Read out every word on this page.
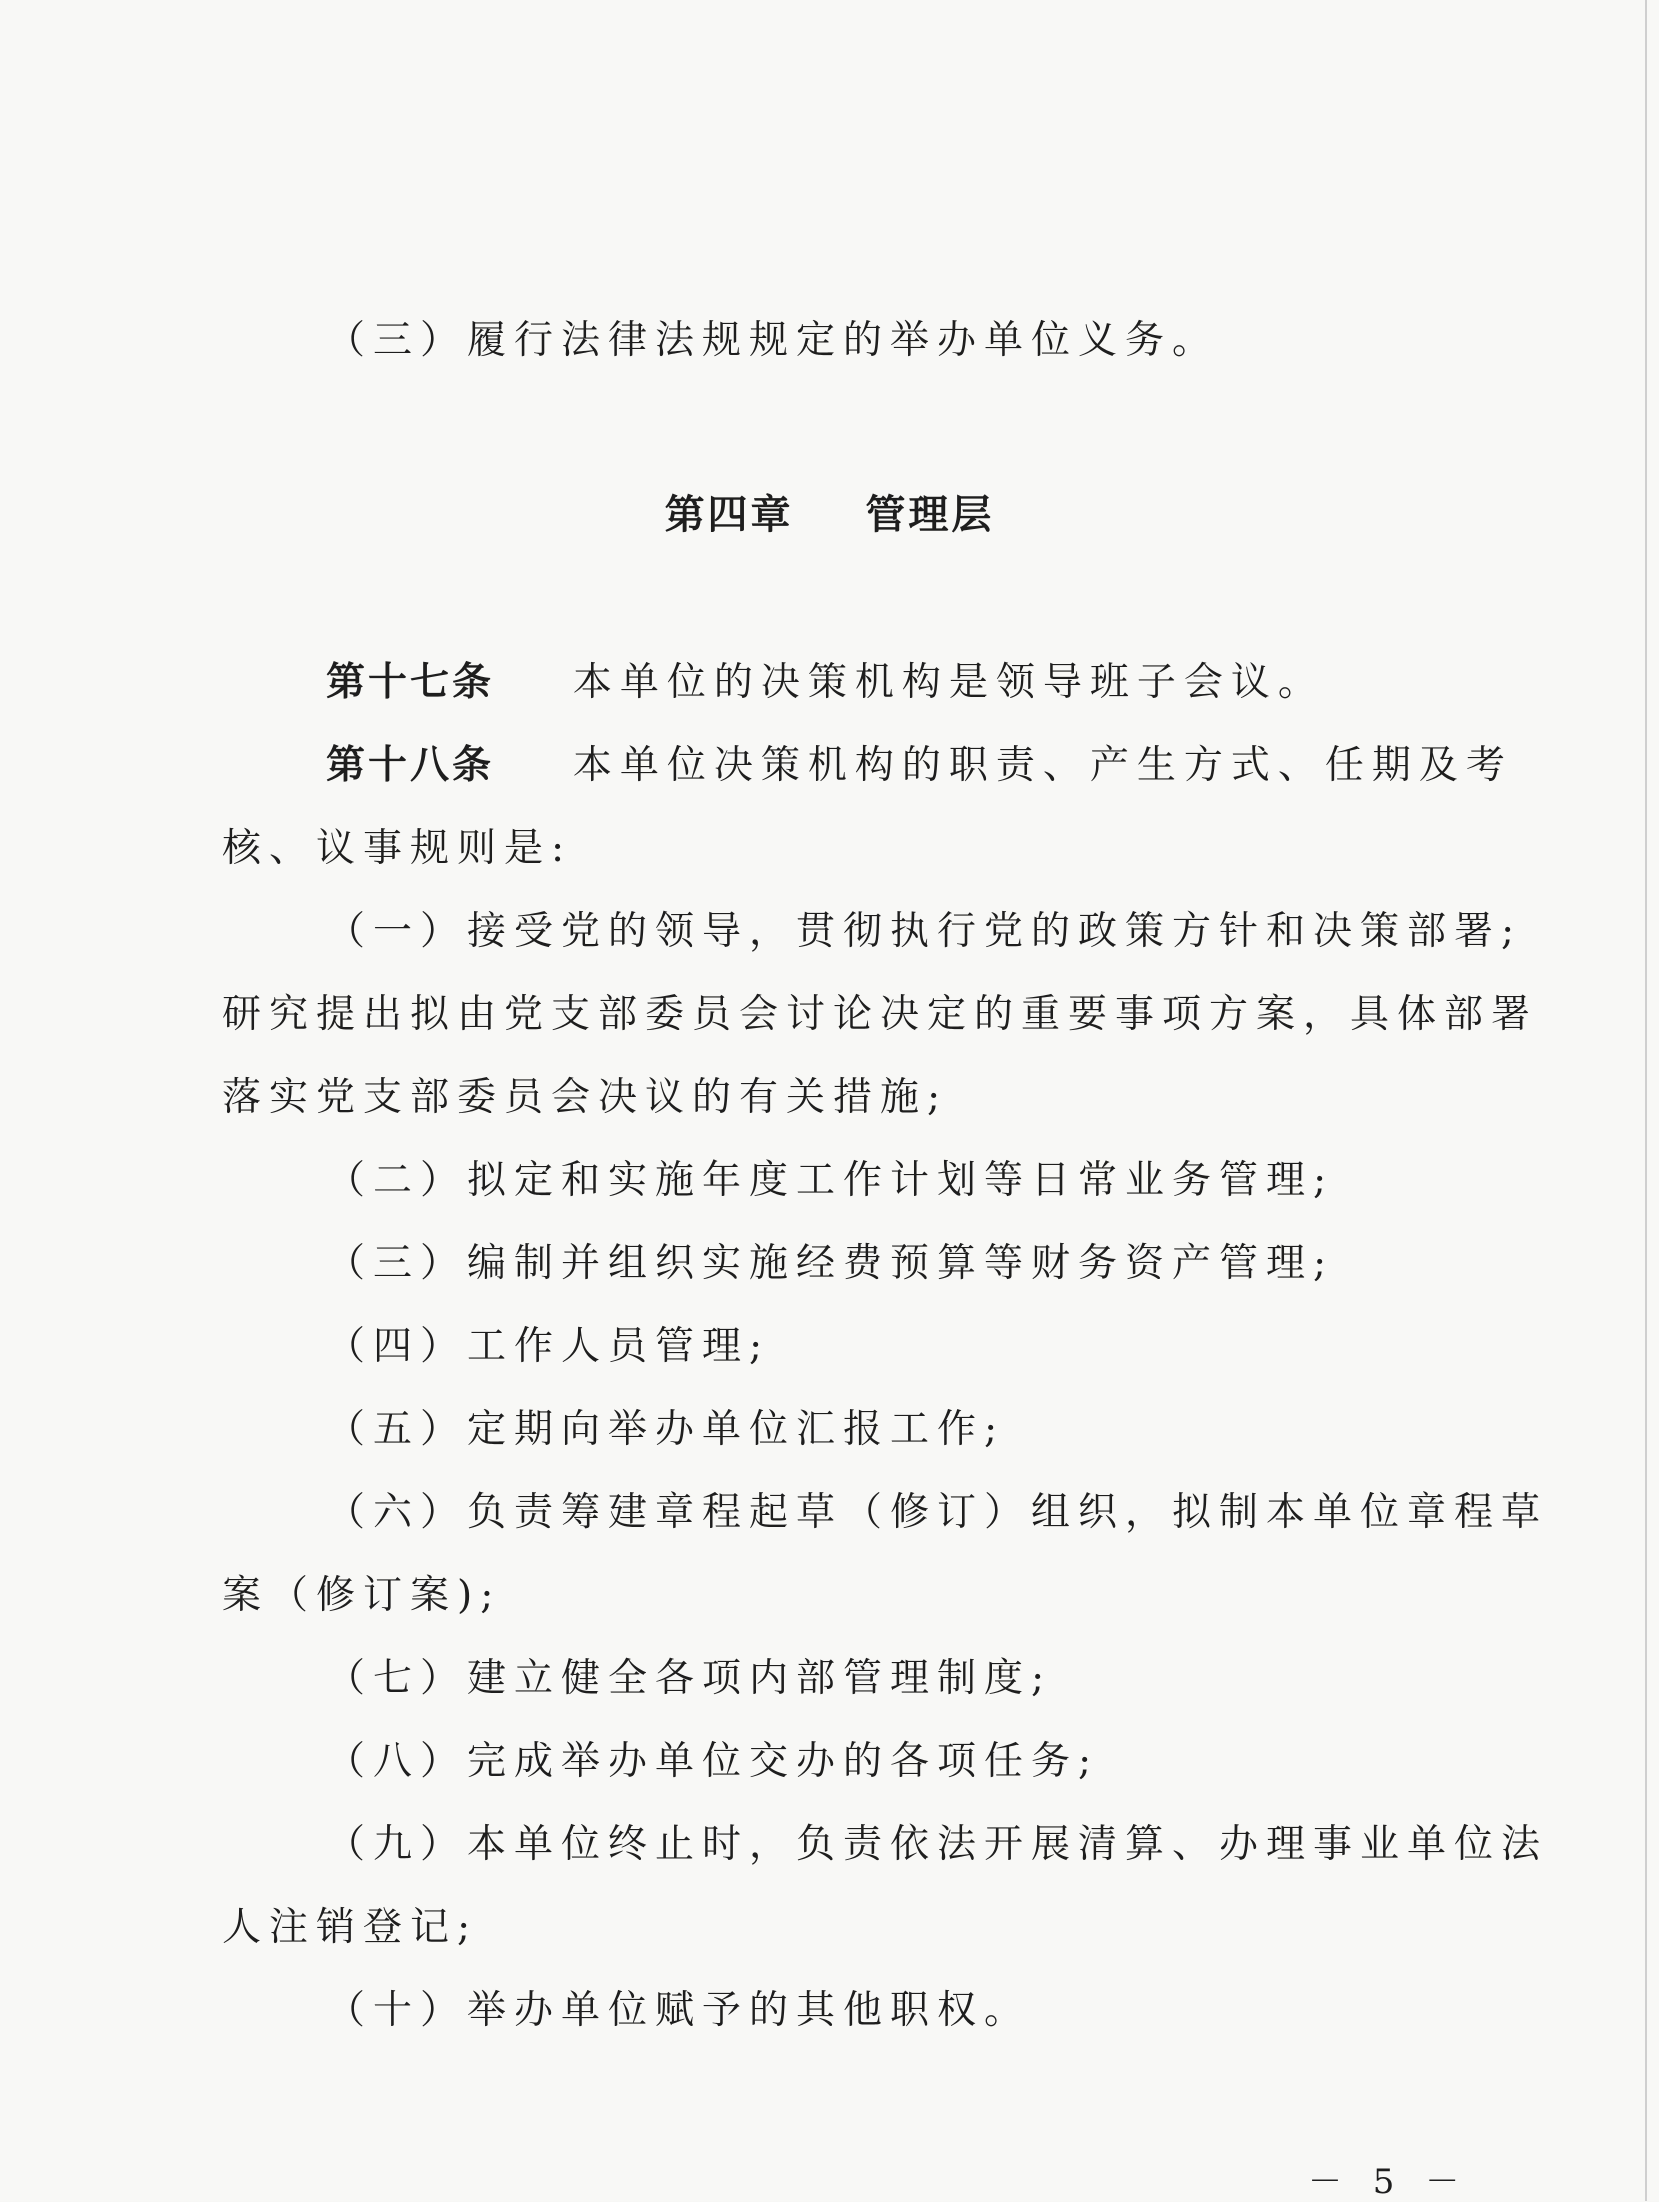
（三）履行法律法规规定的举办单位义务。
第四章 管理层
第十七条 本单位的决策机构是领导班子会议。
第十八条 本单位决策机构的职责、产生方式、任期及考
核、议事规则是:
（一）接受党的领导，贯彻执行党的政策方针和决策部署;
研究提出拟由党支部委员会讨论决定的重要事项方案，具体部署
落实党支部委员会决议的有关措施;
（二）拟定和实施年度工作计划等日常业务管理;
（三）编制并组织实施经费预算等财务资产管理;
（四）工作人员管理;
（五）定期向举办单位汇报工作;
（六）负责筹建章程起草（修订）组织，拟制本单位章程草
案（修订案);
（七）建立健全各项内部管理制度;
（八）完成举办单位交办的各项任务;
（九）本单位终止时，负责依法开展清算、办理事业单位法
人注销登记;
（十）举办单位赋予的其他职权。
－ 5 －
